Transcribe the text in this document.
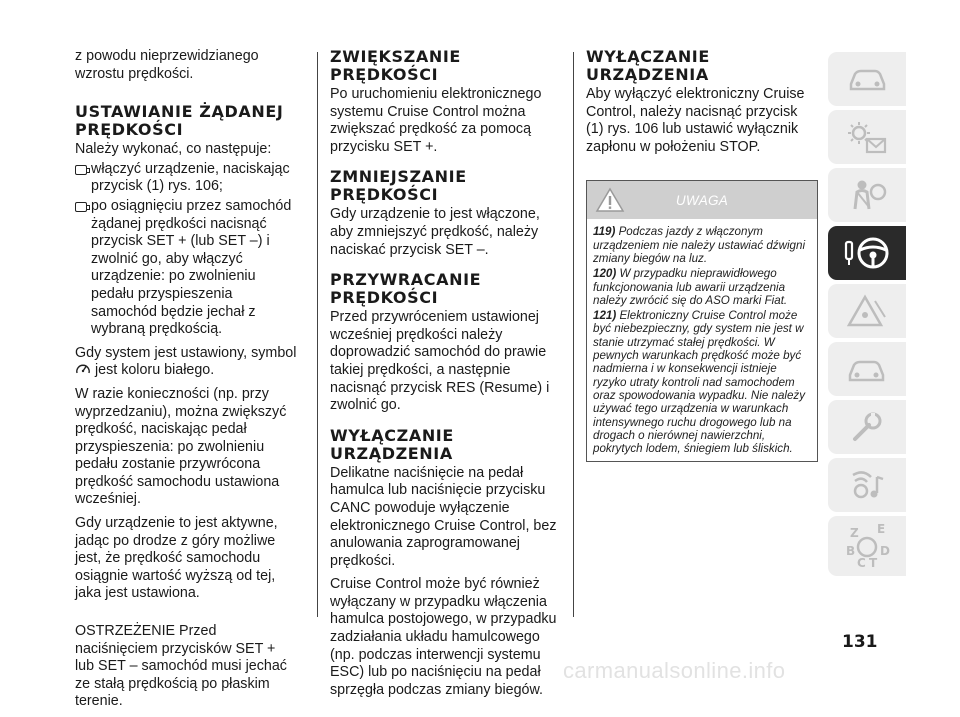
z powodu nieprzewidzianego wzrostu prędkości.

USTAWIANIE ŻĄDANEJ PRĘDKOŚCI

Należy wykonać, co następuje:

włączyć urządzenie, naciskając przycisk (1) rys. 106;
po osiągnięciu przez samochód żądanej prędkości nacisnąć przycisk SET + (lub SET –) i zwolnić go, aby włączyć urządzenie: po zwolnieniu pedału przyspieszenia samochód będzie jechał z wybraną prędkością.

Gdy system jest ustawiony, symbol  jest koloru białego.

W razie konieczności (np. przy wyprzedzaniu), można zwiększyć prędkość, naciskając pedał przyspieszenia: po zwolnieniu pedału zostanie przywrócona prędkość samochodu ustawiona wcześniej.

Gdy urządzenie to jest aktywne, jadąc po drodze z góry możliwe jest, że prędkość samochodu osiągnie wartość wyższą od tej, jaka jest ustawiona.

OSTRZEŻENIE Przed naciśnięciem przycisków SET + lub SET – samochód musi jechać ze stałą prędkością po płaskim terenie.

ZWIĘKSZANIE PRĘDKOŚCI

Po uruchomieniu elektronicznego systemu Cruise Control można zwiększać prędkość za pomocą przycisku SET +.

ZMNIEJSZANIE PRĘDKOŚCI

Gdy urządzenie to jest włączone, aby zmniejszyć prędkość, należy naciskać przycisk SET –.

PRZYWRACANIE PRĘDKOŚCI

Przed przywróceniem ustawionej wcześniej prędkości należy doprowadzić samochód do prawie takiej prędkości, a następnie nacisnąć przycisk RES (Resume) i zwolnić go.

WYŁĄCZANIE URZĄDZENIA

Delikatne naciśnięcie na pedał hamulca lub naciśnięcie przycisku CANC powoduje wyłączenie elektronicznego Cruise Control, bez anulowania zaprogramowanej prędkości.

Cruise Control może być również wyłączany w przypadku włączenia hamulca postojowego, w przypadku zadziałania układu hamulcowego (np. podczas interwencji systemu ESC) lub po naciśnięciu na pedał sprzęgła podczas zmiany biegów.

WYŁĄCZANIE URZĄDZENIA

Aby wyłączyć elektroniczny Cruise Control, należy nacisnąć przycisk (1) rys. 106 lub ustawić wyłącznik zapłonu w położeniu STOP.

UWAGA

119) Podczas jazdy z włączonym urządzeniem nie należy ustawiać dźwigni zmiany biegów na luz.

120) W przypadku nieprawidłowego funkcjonowania lub awarii urządzenia należy zwrócić się do ASO marki Fiat.

121) Elektroniczny Cruise Control może być niebezpieczny, gdy system nie jest w stanie utrzymać stałej prędkości. W pewnych warunkach prędkość może być nadmierna i w konsekwencji istnieje ryzyko utraty kontroli nad samochodem oraz spowodowania wypadku. Nie należy używać tego urządzenia w warunkach intensywnego ruchu drogowego lub na drogach o nierównej nawierzchni, pokrytych lodem, śniegiem lub śliskich.

Z E
B
C T
D
131
carmanualsonline.info
